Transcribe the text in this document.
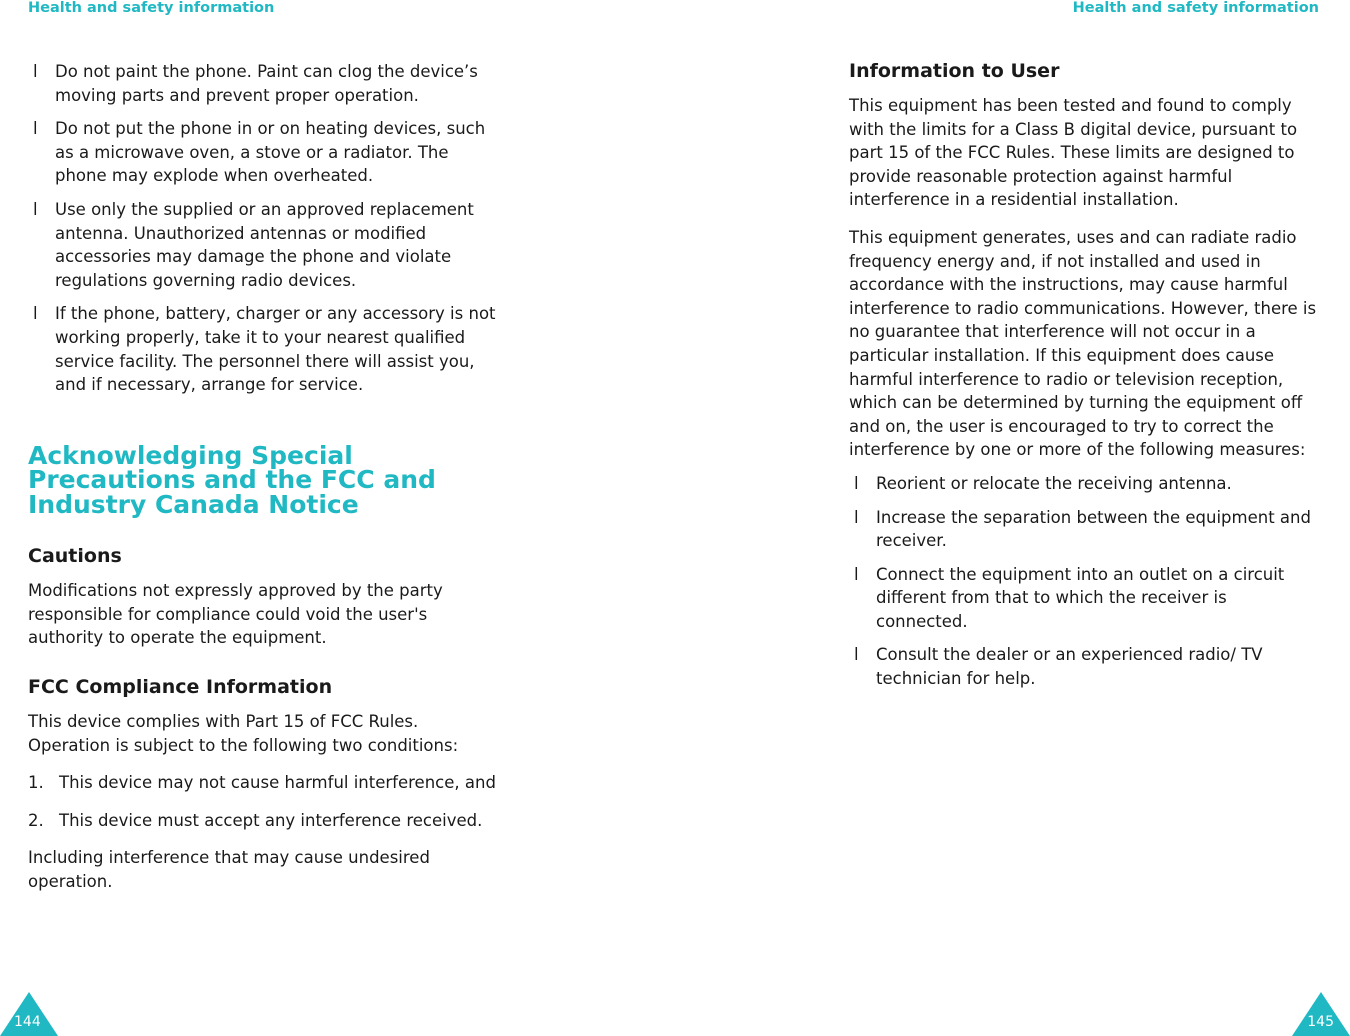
Health and safety information
l Do not paint the phone. Paint can clog the device’s moving parts and prevent proper operation.
l Do not put the phone in or on heating devices, such as a microwave oven, a stove or a radiator. The phone may explode when overheated.
l Use only the supplied or an approved replacement antenna. Unauthorized antennas or modified accessories may damage the phone and violate regulations governing radio devices.
l If the phone, battery, charger or any accessory is not working properly, take it to your nearest qualified service facility. The personnel there will assist you, and if necessary, arrange for service.
Acknowledging Special Precautions and the FCC and Industry Canada Notice
Cautions

Modifications not expressly approved by the party responsible for compliance could void the user's authority to operate the equipment.

FCC Compliance Information

This device complies with Part 15 of FCC Rules. Operation is subject to the following two conditions:

1. This device may not cause harmful interference, and
2. This device must accept any interference received.

Including interference that may cause undesired operation.

144
Health and safety information
Information to User

This equipment has been tested and found to comply with the limits for a Class B digital device, pursuant to part 15 of the FCC Rules. These limits are designed to provide reasonable protection against harmful interference in a residential installation.

This equipment generates, uses and can radiate radio frequency energy and, if not installed and used in accordance with the instructions, may cause harmful interference to radio communications. However, there is no guarantee that interference will not occur in a particular installation. If this equipment does cause harmful interference to radio or television reception, which can be determined by turning the equipment off and on, the user is encouraged to try to correct the interference by one or more of the following measures:

l Reorient or relocate the receiving antenna.
l Increase the separation between the equipment and receiver.
l Connect the equipment into an outlet on a circuit different from that to which the receiver is connected.
l Consult the dealer or an experienced radio/ TV technician for help.
145
